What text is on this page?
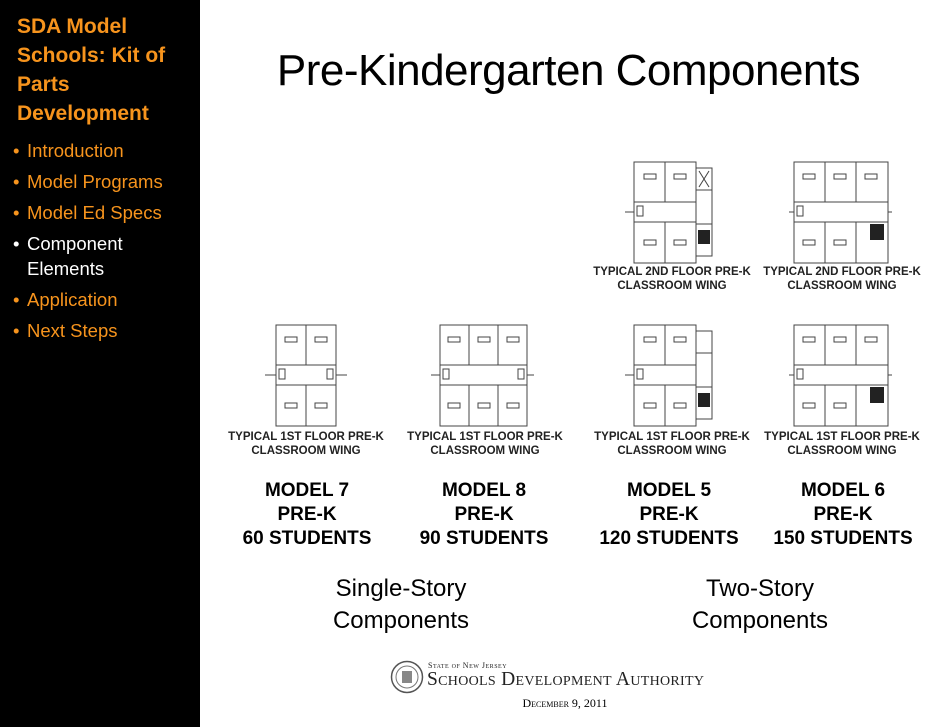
SDA Model Schools: Kit of Parts Development
• Introduction
• Model Programs
• Model Ed Specs
• Component Elements
• Application
• Next Steps
Pre-Kindergarten Components
TYPICAL 1ST FLOOR PRE-K CLASSROOM WING
TYPICAL 1ST FLOOR PRE-K CLASSROOM WING
TYPICAL 2ND FLOOR PRE-K CLASSROOM WING
TYPICAL 2ND FLOOR PRE-K CLASSROOM WING
TYPICAL 1ST FLOOR PRE-K CLASSROOM WING
TYPICAL 1ST FLOOR PRE-K CLASSROOM WING
MODEL 7
PRE-K
60 STUDENTS
MODEL 8
PRE-K
90 STUDENTS
MODEL 5
PRE-K
120 STUDENTS
MODEL 6
PRE-K
150 STUDENTS
Single-Story Components
Two-Story Components
State of New Jersey
Schools Development Authority
December 9, 2011
